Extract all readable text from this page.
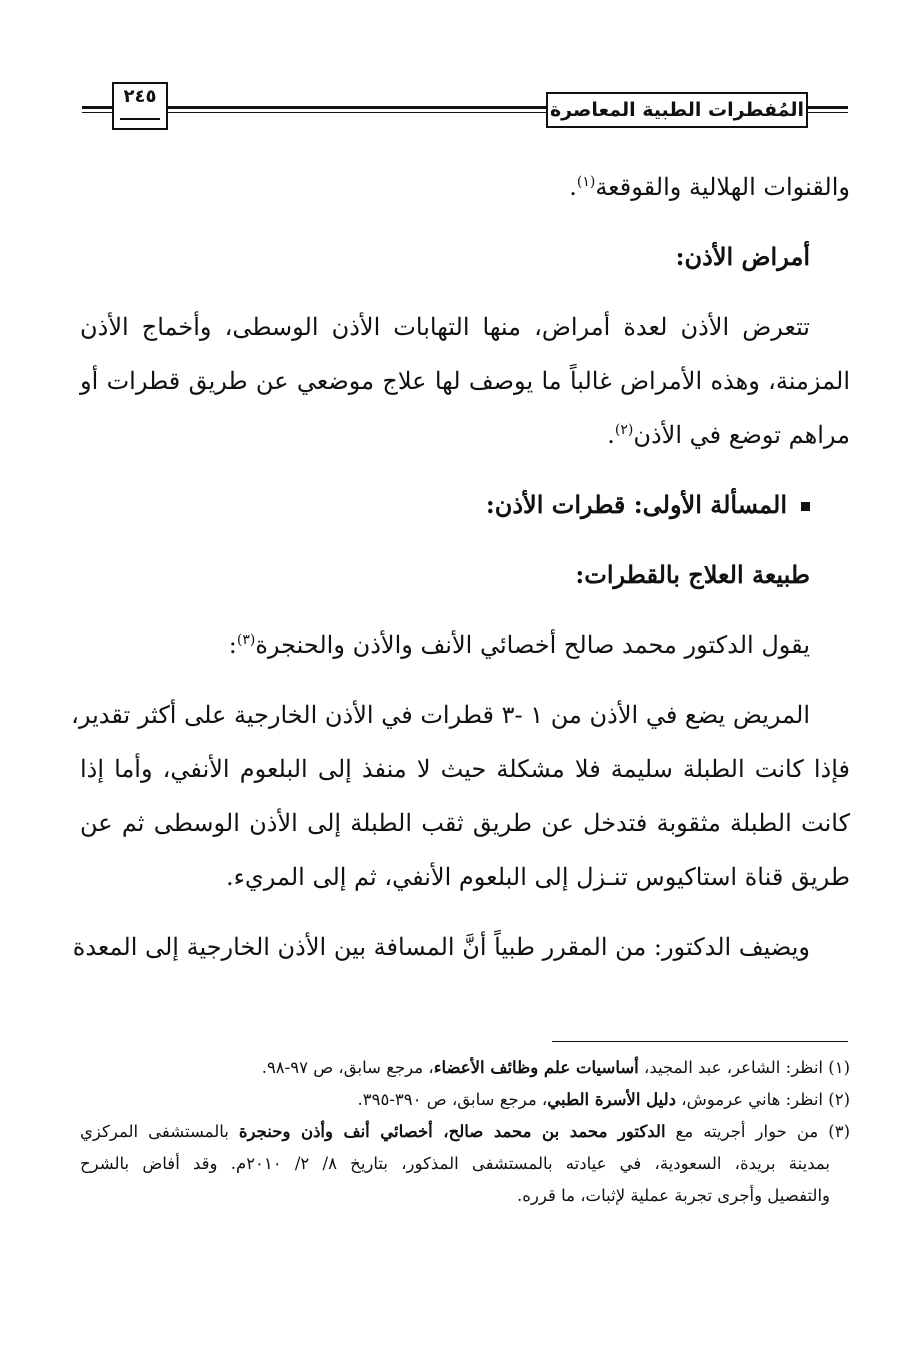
المُفطرات الطبية المعاصرة
٢٤٥
والقنوات الهلالية والقوقعة$^{(١)}$.
أمراض الأذن:
تتعرض الأذن لعدة أمراض، منها التهابات الأذن الوسطى، وأخماج الأذن
المزمنة، وهذه الأمراض غالباً ما يوصف لها علاج موضعي عن طريق قطرات أو
مراهم توضع في الأذن$^{(٢)}$.
المسألة الأولى: قطرات الأذن:
طبيعة العلاج بالقطرات:
يقول الدكتور محمد صالح أخصائي الأنف والأذن والحنجرة$^{(٣)}$:
المريض يضع في الأذن من ١ -٣ قطرات في الأذن الخارجية على أكثر تقدير،
فإذا كانت الطبلة سليمة فلا مشكلة حيث لا منفذ إلى البلعوم الأنفي، وأما إذا
كانت الطبلة مثقوبة فتدخل عن طريق ثقب الطبلة إلى الأذن الوسطى ثم عن
طريق قناة استاكيوس تنـزل إلى البلعوم الأنفي، ثم إلى المريء.
ويضيف الدكتور: من المقرر طبياً أنَّ المسافة بين الأذن الخارجية إلى المعدة
(١) انظر: الشاعر، عبد المجيد، أساسيات علم وظائف الأعضاء، مرجع سابق، ص ٩٧-٩٨.
(٢) انظر: هاني عرموش، دليل الأسرة الطبي، مرجع سابق، ص ٣٩٠-٣٩٥.
(٣) من حوار أجريته مع الدكتور محمد بن محمد صالح، أخصائي أنف وأذن وحنجرة بالمستشفى المركزي
بمدينة بريدة، السعودية، في عيادته بالمستشفى المذكور، بتاريخ ٨/ ٢/ ٢٠١٠م. وقد أفاض بالشرح
والتفصيل وأجرى تجربة عملية لإثبات، ما قرره.
